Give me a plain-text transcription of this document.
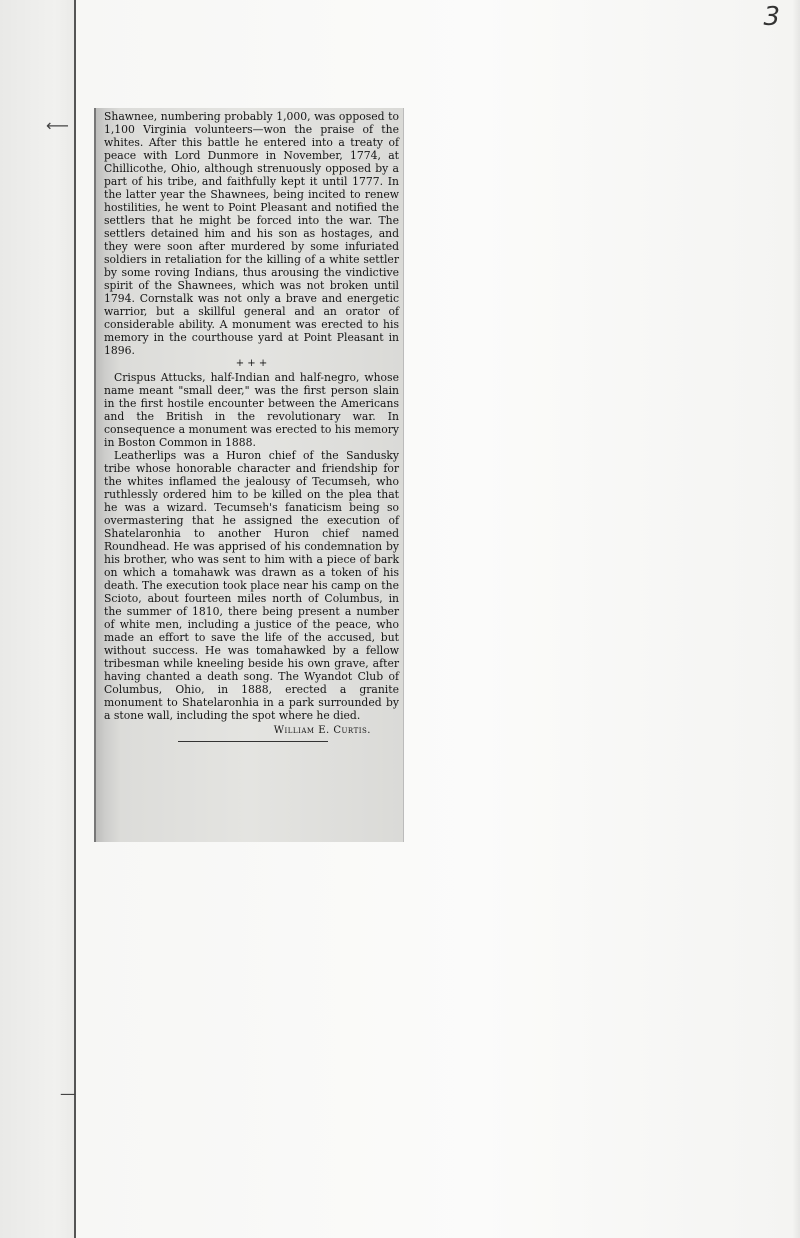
3
⟵
—

Shawnee, numbering probably 1,000, was opposed to 1,100 Virginia volunteers—won the praise of the whites. After this battle he entered into a treaty of peace with Lord Dunmore in November, 1774, at Chillicothe, Ohio, although strenuously opposed by a part of his tribe, and faithfully kept it until 1777. In the latter year the Shawnees, being incited to renew hostilities, he went to Point Pleasant and notified the settlers that he might be forced into the war. The settlers detained him and his son as hostages, and they were soon after murdered by some infuriated soldiers in retaliation for the killing of a white settler by some roving Indians, thus arousing the vindictive spirit of the Shawnees, which was not broken until 1794. Cornstalk was not only a brave and energetic warrior, but a skillful general and an orator of considerable ability. A monument was erected to his memory in the courthouse yard at Point Pleasant in 1896.

+ + +

Crispus Attucks, half-Indian and half-negro, whose name meant "small deer," was the first person slain in the first hostile encounter between the Americans and the British in the revolutionary war. In consequence a monument was erected to his memory in Boston Common in 1888.

Leatherlips was a Huron chief of the Sandusky tribe whose honorable character and friendship for the whites inflamed the jealousy of Tecumseh, who ruthlessly ordered him to be killed on the plea that he was a wizard. Tecumseh's fanaticism being so overmastering that he assigned the execution of Shatelaronhia to another Huron chief named Roundhead. He was apprised of his condemnation by his brother, who was sent to him with a piece of bark on which a tomahawk was drawn as a token of his death. The execution took place near his camp on the Scioto, about fourteen miles north of Columbus, in the summer of 1810, there being present a number of white men, including a justice of the peace, who made an effort to save the life of the accused, but without success. He was tomahawked by a fellow tribesman while kneeling beside his own grave, after having chanted a death song. The Wyandot Club of Columbus, Ohio, in 1888, erected a granite monument to Shatelaronhia in a park surrounded by a stone wall, including the spot where he died.

William E. Curtis.
